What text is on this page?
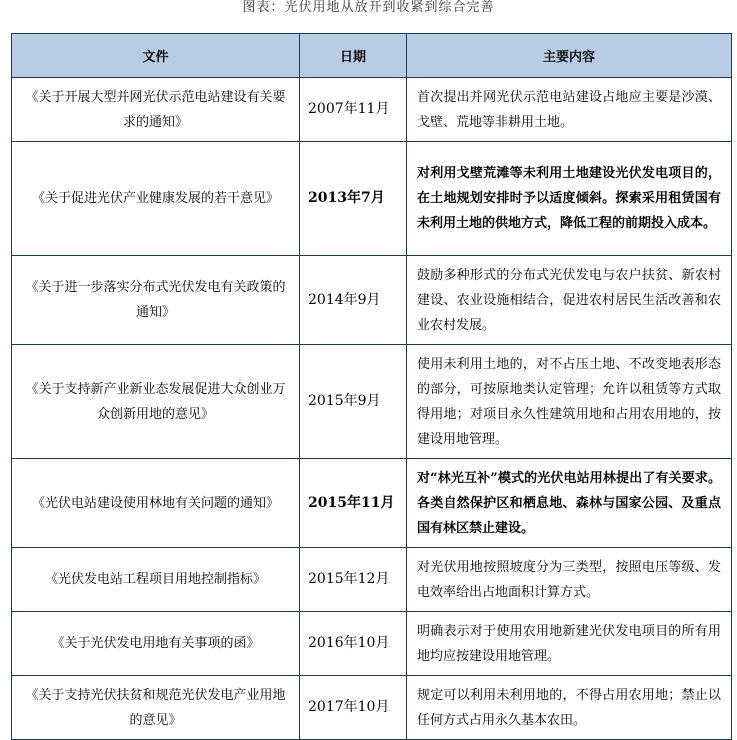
图表：光伏用地从放开到收紧到综合完善
文件	日期	主要内容
《关于开展大型并网光伏示范电站建设有关要求的通知》	2007年11月	首次提出并网光伏示范电站建设占地应主要是沙漠、戈壁、荒地等非耕用土地。
《关于促进光伏产业健康发展的若干意见》	2013年7月	对利用戈壁荒滩等未利用土地建设光伏发电项目的，在土地规划安排时予以适度倾斜。探索采用租赁国有未利用土地的供地方式，降低工程的前期投入成本。
《关于进一步落实分布式光伏发电有关政策的通知》	2014年9月	鼓励多种形式的分布式光伏发电与农户扶贫、新农村建设、农业设施相结合，促进农村居民生活改善和农业农村发展。
《关于支持新产业新业态发展促进大众创业万众创新用地的意见》	2015年9月	使用未利用土地的，对不占压土地、不改变地表形态的部分，可按原地类认定管理；允许以租赁等方式取得用地；对项目永久性建筑用地和占用农用地的，按建设用地管理。
《光伏电站建设使用林地有关问题的通知》	2015年11月	对“林光互补”模式的光伏电站用林提出了有关要求。各类自然保护区和栖息地、森林与国家公园、及重点国有林区禁止建设。
《光伏发电站工程项目用地控制指标》	2015年12月	对光伏用地按照坡度分为三类型，按照电压等级、发电效率给出占地面积计算方式。
《关于光伏发电用地有关事项的函》	2016年10月	明确表示对于使用农用地新建光伏发电项目的所有用地均应按建设用地管理。
《关于支持光伏扶贫和规范光伏发电产业用地的意见》	2017年10月	规定可以利用未利用地的，不得占用农用地；禁止以任何方式占用永久基本农田。
